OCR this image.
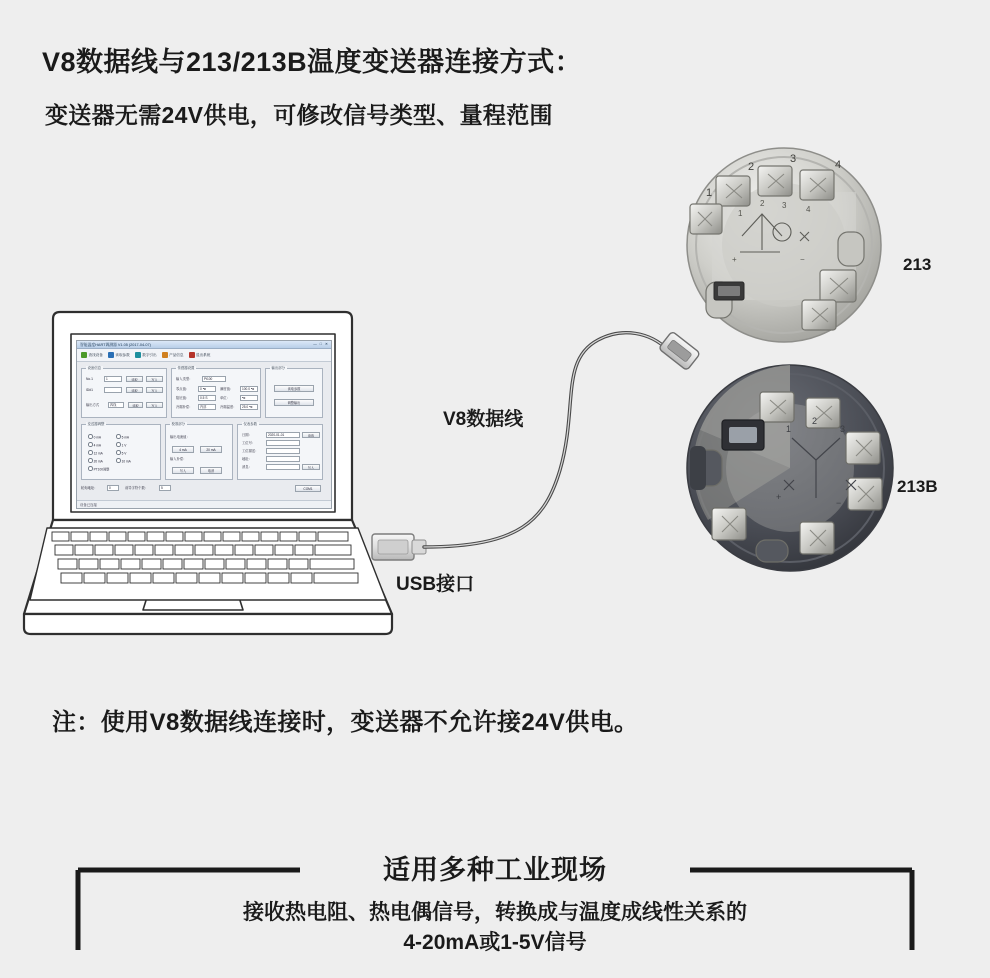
V8数据线与213/213B温度变送器连接方式：
变送器无需24V供电，可修改信号类型、量程范围
注：使用V8数据线连接时，变送器不允许接24V供电。
1
2
3	4
1
2 3 4
+	−
1
2
3
+
−
智能温度HART调测器 V1.05 (2017-04-07)	— □ ✕
查找设备	读取参数	数字引出	产品信息	退出系统
设备信息
No.1	1	读取	写入
ID#1	读取	写入
输出方式	四线	读取	写入
传感器设置
输入类型：	Pt100
零点值：	0 ℃	满度值：	100.0 ℃
阻尼值：	0.5 S	单位：	℃
冷端补偿：	内部	冷端温度：	25.0 ℃
输出部分
读取参数
调整输出
变送器调整
0 mA	5 mA
4 mA	1 V
12 mA	5 V
20 mA	10 mA
PT100调整
校准部分
输出电流值：
4 mA	20 mA
输入补偿：
写入	取消
仪表参数
日期：	2020-01-01
工位号：
工位描述：
地址：
消息：
读取
写入
轮询地址：	0	前导字符个数：	5	COM1
设备已连接
213
213B
V8数据线
USB接口
适用多种工业现场
接收热电阻、热电偶信号，转换成与温度成线性关系的
4-20mA或1-5V信号
